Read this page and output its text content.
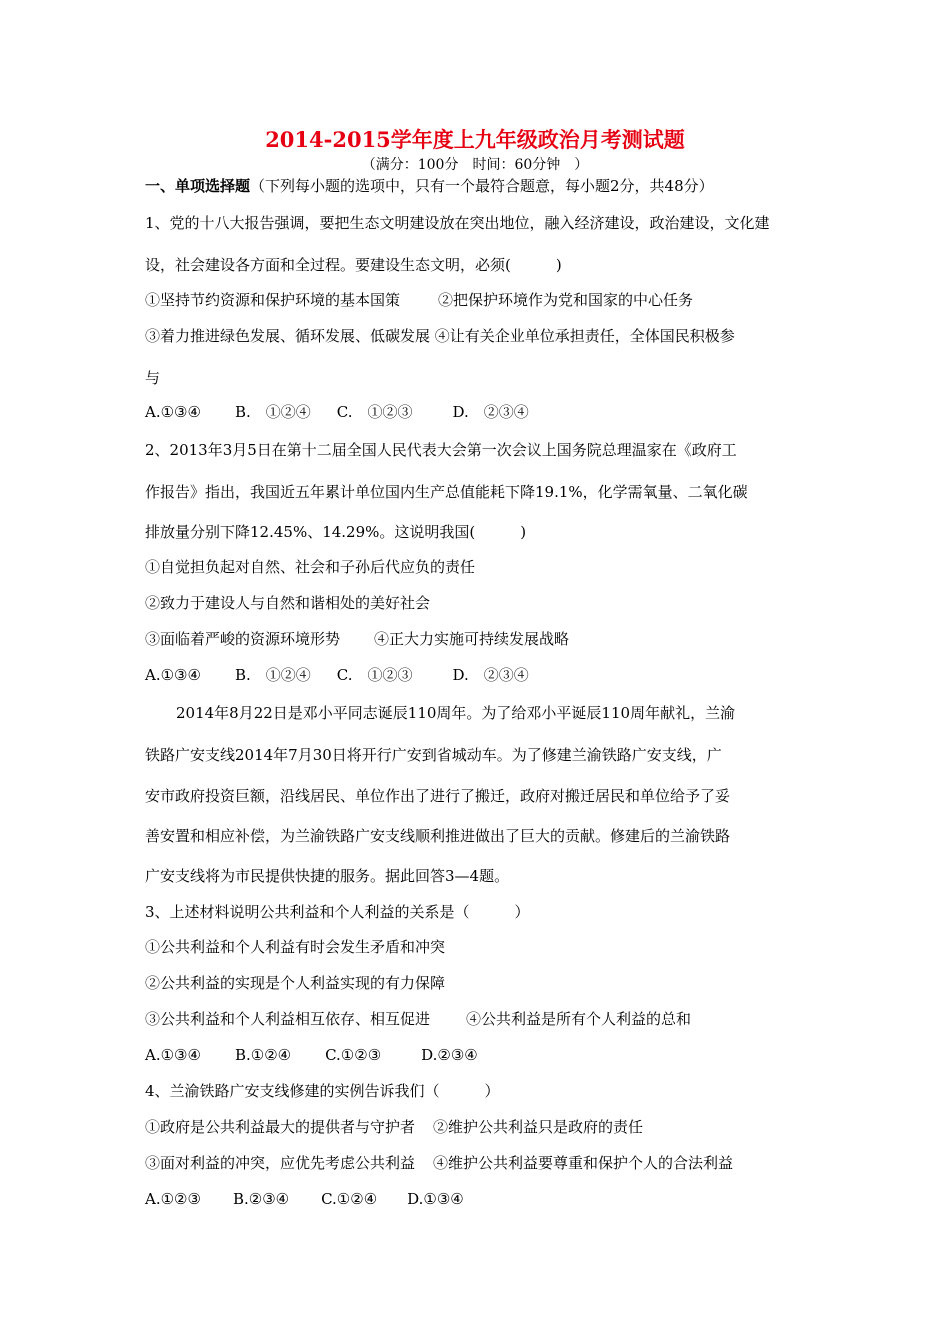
2014-2015学年度上九年级政治月考测试题

（满分：100分　时间：60分钟　）

一、单项选择题（下列每小题的选项中，只有一个最符合题意，每小题2分，共48分）

1、党的十八大报告强调，要把生态文明建设放在突出地位，融入经济建设，政治建设，文化建

设，社会建设各方面和全过程。要建设生态文明，必须(　　　)

①坚持节约资源和保护环境的基本国策	②把保护环境作为党和国家的中心任务

③着力推进绿色发展、循环发展、低碳发展 ④让有关企业单位承担责任，全体国民积极参

与

A.①③④ B.　①②④ C.　①②③	D.　②③④

2、2013年3月5日在第十二届全国人民代表大会第一次会议上国务院总理温家在《政府工

作报告》指出，我国近五年累计单位国内生产总值能耗下降19.1%，化学需氧量、二氧化碳

排放量分别下降12.45%、14.29%。这说明我国(　　　)

①自觉担负起对自然、社会和子孙后代应负的责任

②致力于建设人与自然和谐相处的美好社会

③面临着严峻的资源环境形势 ④正大力实施可持续发展战略

A.①③④ B.　①②④ C.　①②③	D.　②③④

2014年8月22日是邓小平同志诞辰110周年。为了给邓小平诞辰110周年献礼，兰渝

铁路广安支线2014年7月30日将开行广安到省城动车。为了修建兰渝铁路广安支线，广

安市政府投资巨额，沿线居民、单位作出了进行了搬迁，政府对搬迁居民和单位给予了妥

善安置和相应补偿，为兰渝铁路广安支线顺利推进做出了巨大的贡献。修建后的兰渝铁路

广安支线将为市民提供快捷的服务。据此回答3—4题。

3、上述材料说明公共利益和个人利益的关系是（　　　）

①公共利益和个人利益有时会发生矛盾和冲突

②公共利益的实现是个人利益实现的有力保障

③公共利益和个人利益相互依存、相互促进 ④公共利益是所有个人利益的总和

A.①③④ B.①②④ C.①②③	D.②③④

4、兰渝铁路广安支线修建的实例告诉我们（　　　）

①政府是公共利益最大的提供者与守护者 ②维护公共利益只是政府的责任

③面对利益的冲突，应优先考虑公共利益 ④维护公共利益要尊重和保护个人的合法利益

A.①②③ B.②③④ C.①②④ D.①③④
